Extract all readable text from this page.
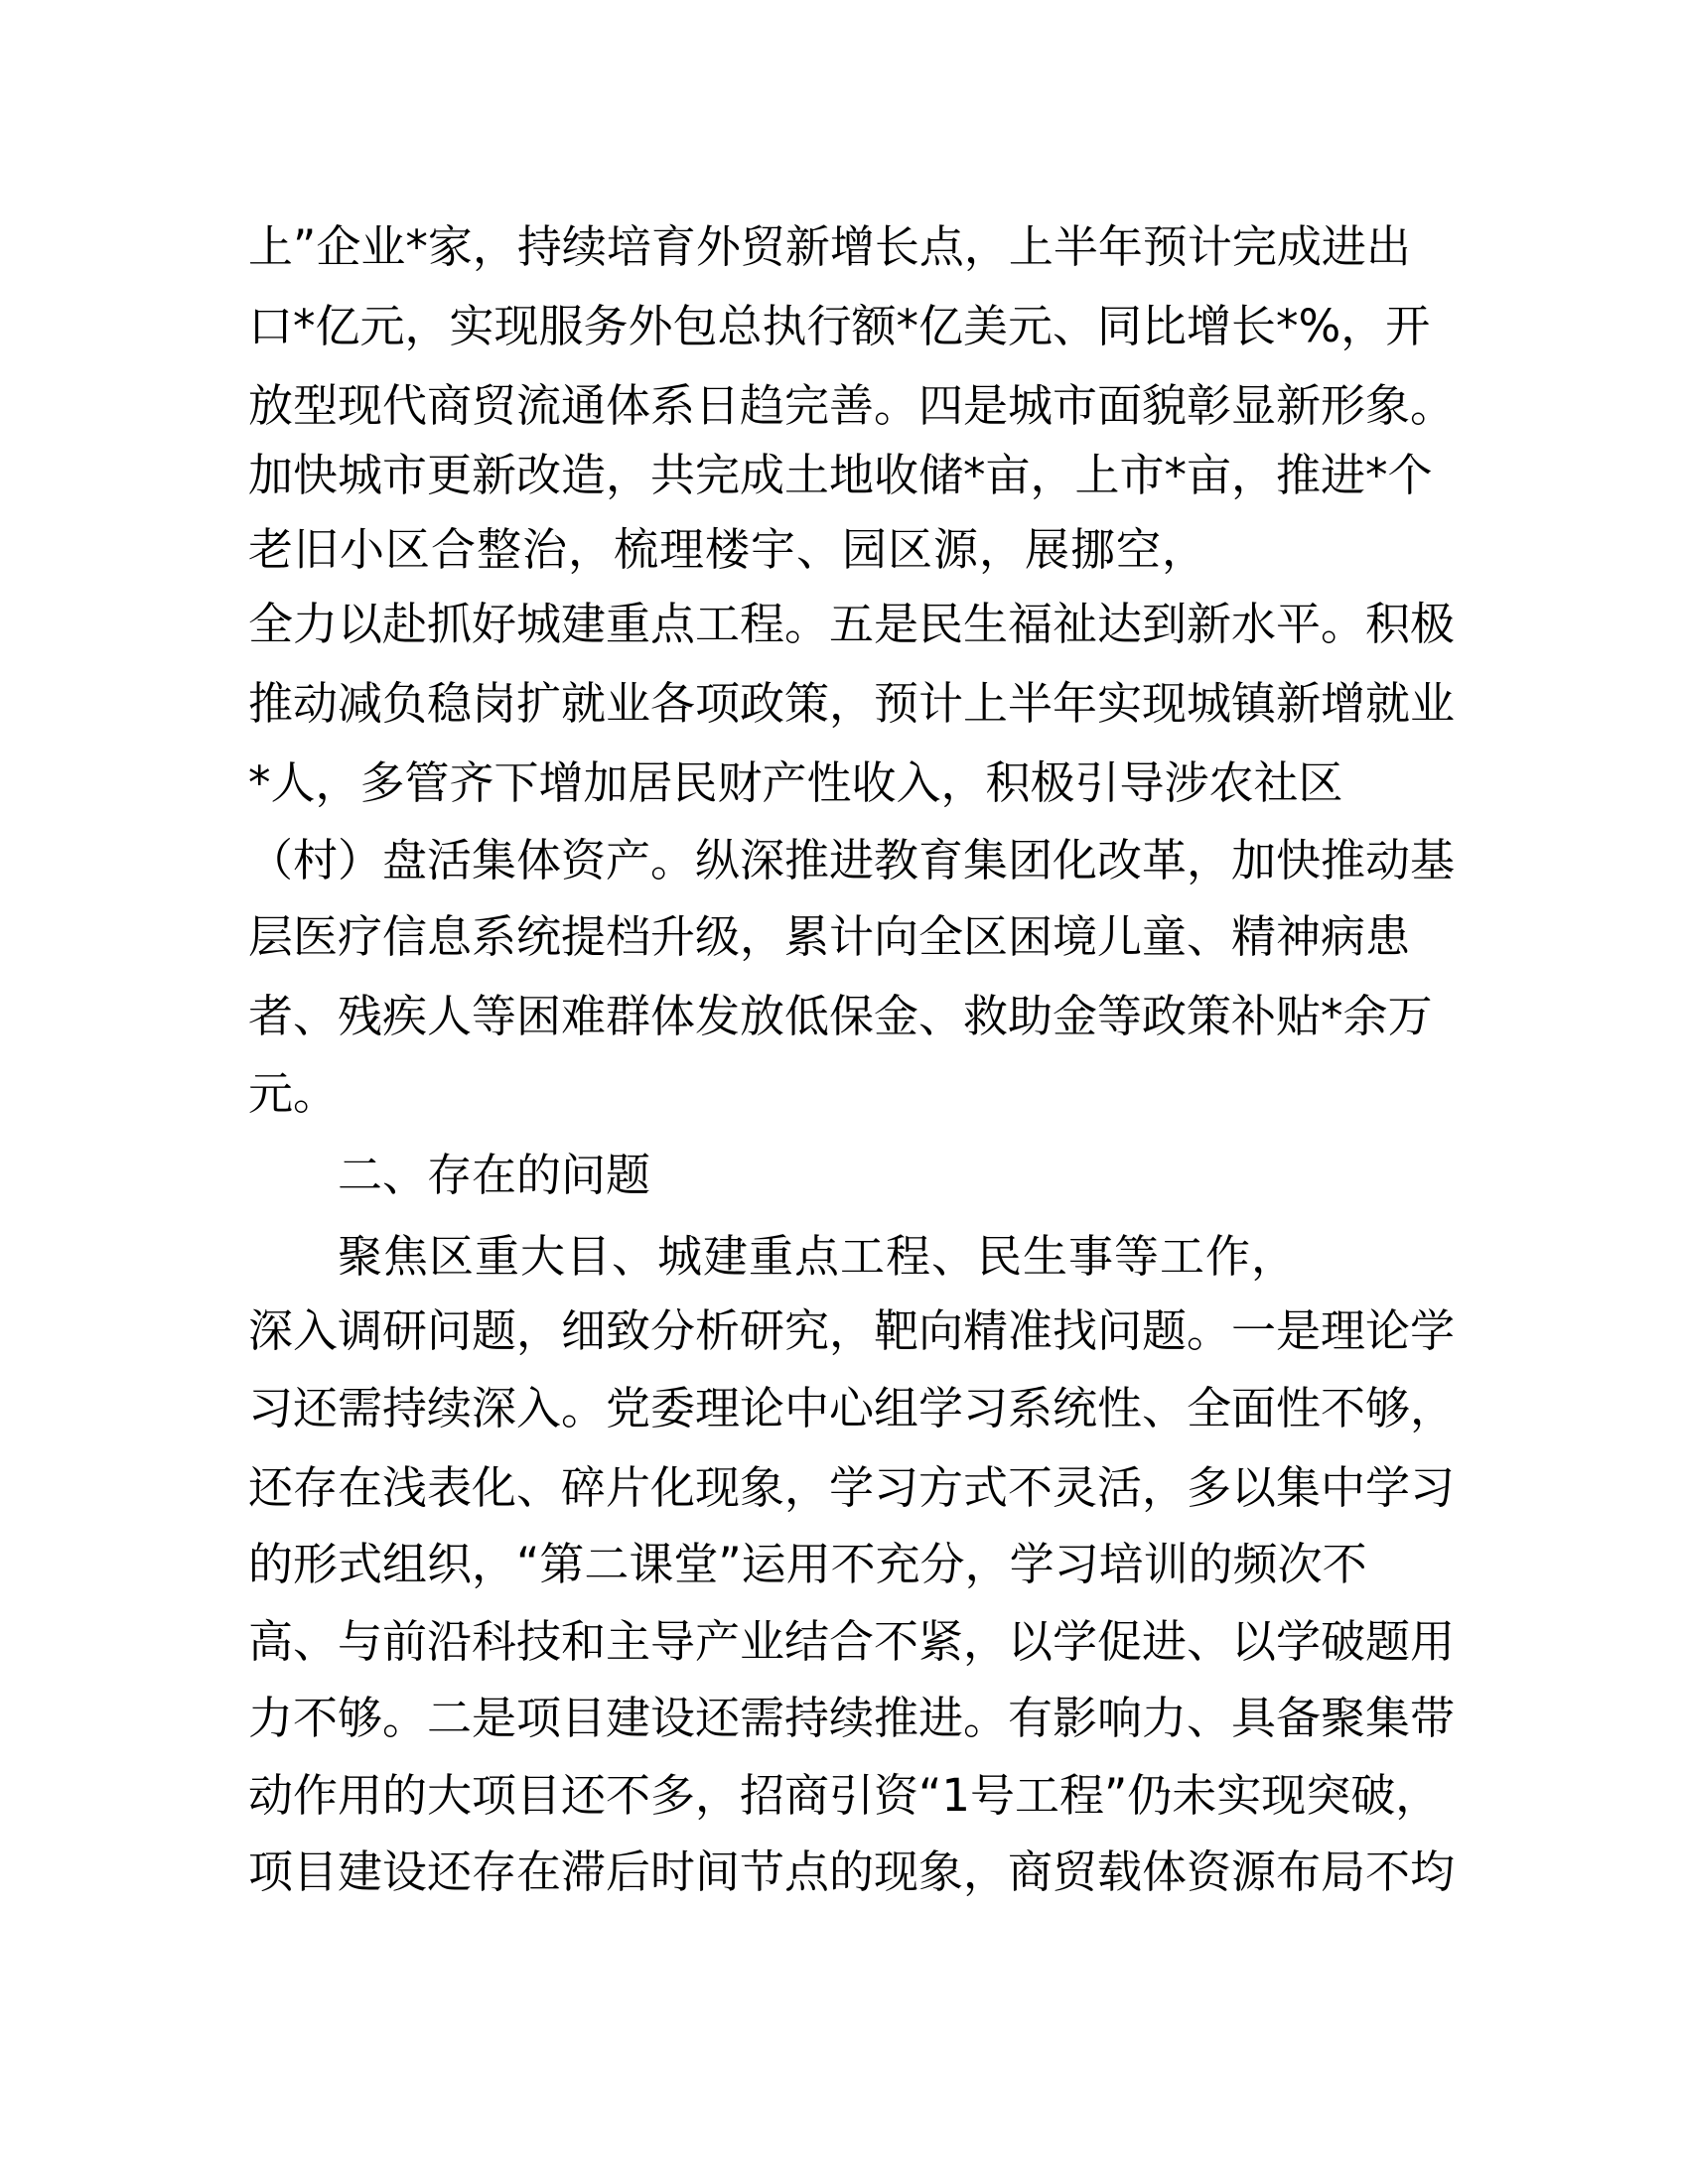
上”企业*家，持续培育外贸新增长点，上半年预计完成进出

口*亿元，实现服务外包总执行额*亿美元、同比增长*%，开

放型现代商贸流通体系日趋完善。四是城市面貌彰显新形象。

加快城市更新改造，共完成土地收储*亩，上市*亩，推进*个

老旧小区合整治，梳理楼宇、园区源，展挪空，

全力以赴抓好城建重点工程。五是民生福祉达到新水平。积极

推动减负稳岗扩就业各项政策，预计上半年实现城镇新增就业

*人，多管齐下增加居民财产性收入，积极引导涉农社区

（村）盘活集体资产。纵深推进教育集团化改革，加快推动基

层医疗信息系统提档升级，累计向全区困境儿童、精神病患

者、残疾人等困难群体发放低保金、救助金等政策补贴*余万

元。

二、存在的问题

聚焦区重大目、城建重点工程、民生事等工作，

深入调研问题，细致分析研究，靶向精准找问题。一是理论学

习还需持续深入。党委理论中心组学习系统性、全面性不够，

还存在浅表化、碎片化现象，学习方式不灵活，多以集中学习

的形式组织，“第二课堂”运用不充分，学习培训的频次不

高、与前沿科技和主导产业结合不紧，以学促进、以学破题用

力不够。二是项目建设还需持续推进。有影响力、具备聚集带

动作用的大项目还不多，招商引资“1号工程”仍未实现突破，

项目建设还存在滞后时间节点的现象，商贸载体资源布局不均
